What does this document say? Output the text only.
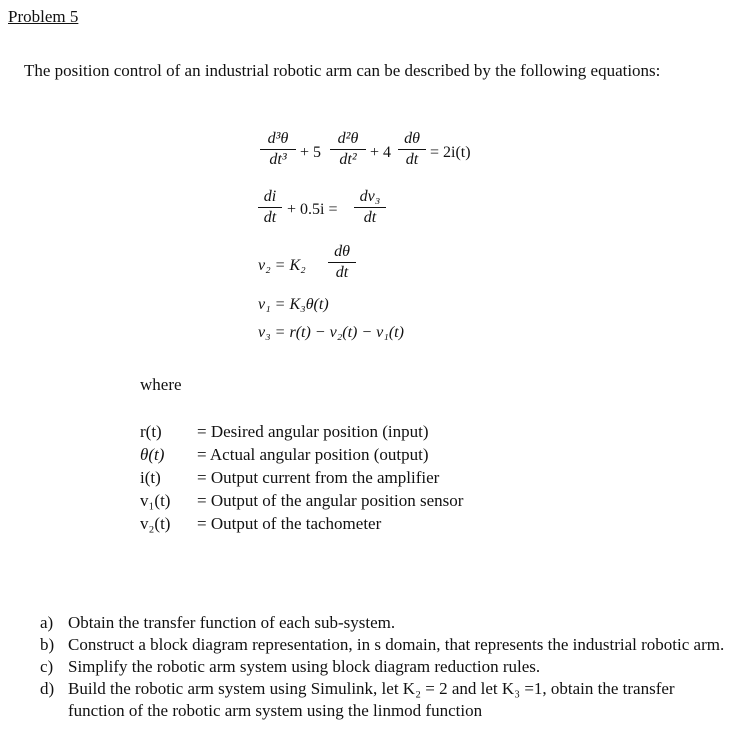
Problem 5
The position control of an industrial robotic arm can be described by the following equations:
d³θ
dt³ + 5
d²θ
dt² + 4
dθ
dt = 2i(t)
di
dt + 0.5i =
dv₃
dt
v₂ = K₂
dθ
dt
v₁ = K₃θ(t)
v₃ = r(t) − v₂(t) − v₁(t)
where
r(t)	= Desired angular position (input)
θ(t)	= Actual angular position (output)
i(t)	= Output current from the amplifier
v₁(t)	= Output of the angular position sensor
v₂(t)	= Output of the tachometer
a) Obtain the transfer function of each sub-system.
b) Construct a block diagram representation, in s domain, that represents the industrial robotic arm.
c) Simplify the robotic arm system using block diagram reduction rules.
d) Build the robotic arm system using Simulink, let K₂ = 2 and let K₃ =1, obtain the transfer function of the robotic arm system using the linmod function
